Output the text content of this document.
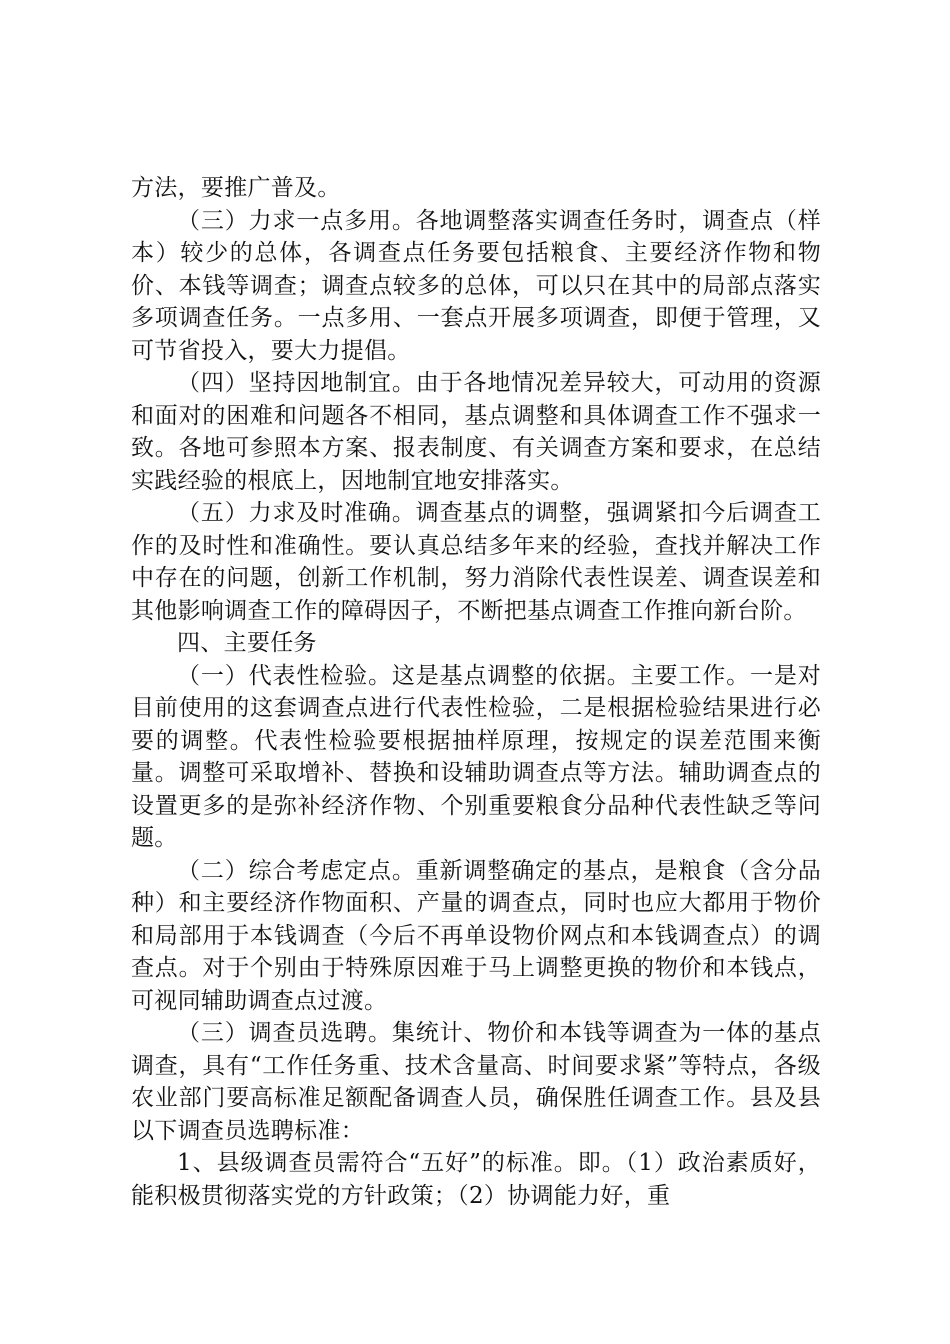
方法，要推广普及。

（三）力求一点多用。各地调整落实调查任务时，调查点（样本）较少的总体，各调查点任务要包括粮食、主要经济作物和物价、本钱等调查；调查点较多的总体，可以只在其中的局部点落实多项调查任务。一点多用、一套点开展多项调查，即便于管理，又可节省投入，要大力提倡。

（四）坚持因地制宜。由于各地情况差异较大，可动用的资源和面对的困难和问题各不相同，基点调整和具体调查工作不强求一致。各地可参照本方案、报表制度、有关调查方案和要求，在总结实践经验的根底上，因地制宜地安排落实。

（五）力求及时准确。调查基点的调整，强调紧扣今后调查工作的及时性和准确性。要认真总结多年来的经验，查找并解决工作中存在的问题，创新工作机制，努力消除代表性误差、调查误差和其他影响调查工作的障碍因子，不断把基点调查工作推向新台阶。

四、主要任务

（一）代表性检验。这是基点调整的依据。主要工作。一是对目前使用的这套调查点进行代表性检验，二是根据检验结果进行必要的调整。代表性检验要根据抽样原理，按规定的误差范围来衡量。调整可采取增补、替换和设辅助调查点等方法。辅助调查点的设置更多的是弥补经济作物、个别重要粮食分品种代表性缺乏等问题。

（二）综合考虑定点。重新调整确定的基点，是粮食（含分品种）和主要经济作物面积、产量的调查点，同时也应大都用于物价和局部用于本钱调查（今后不再单设物价网点和本钱调查点）的调查点。对于个别由于特殊原因难于马上调整更换的物价和本钱点，可视同辅助调查点过渡。

（三）调查员选聘。集统计、物价和本钱等调查为一体的基点调查，具有“工作任务重、技术含量高、时间要求紧”等特点，各级农业部门要高标准足额配备调查人员，确保胜任调查工作。县及县以下调查员选聘标准：

1、县级调查员需符合“五好”的标准。即。（1）政治素质好，能积极贯彻落实党的方针政策；（2）协调能力好，重
